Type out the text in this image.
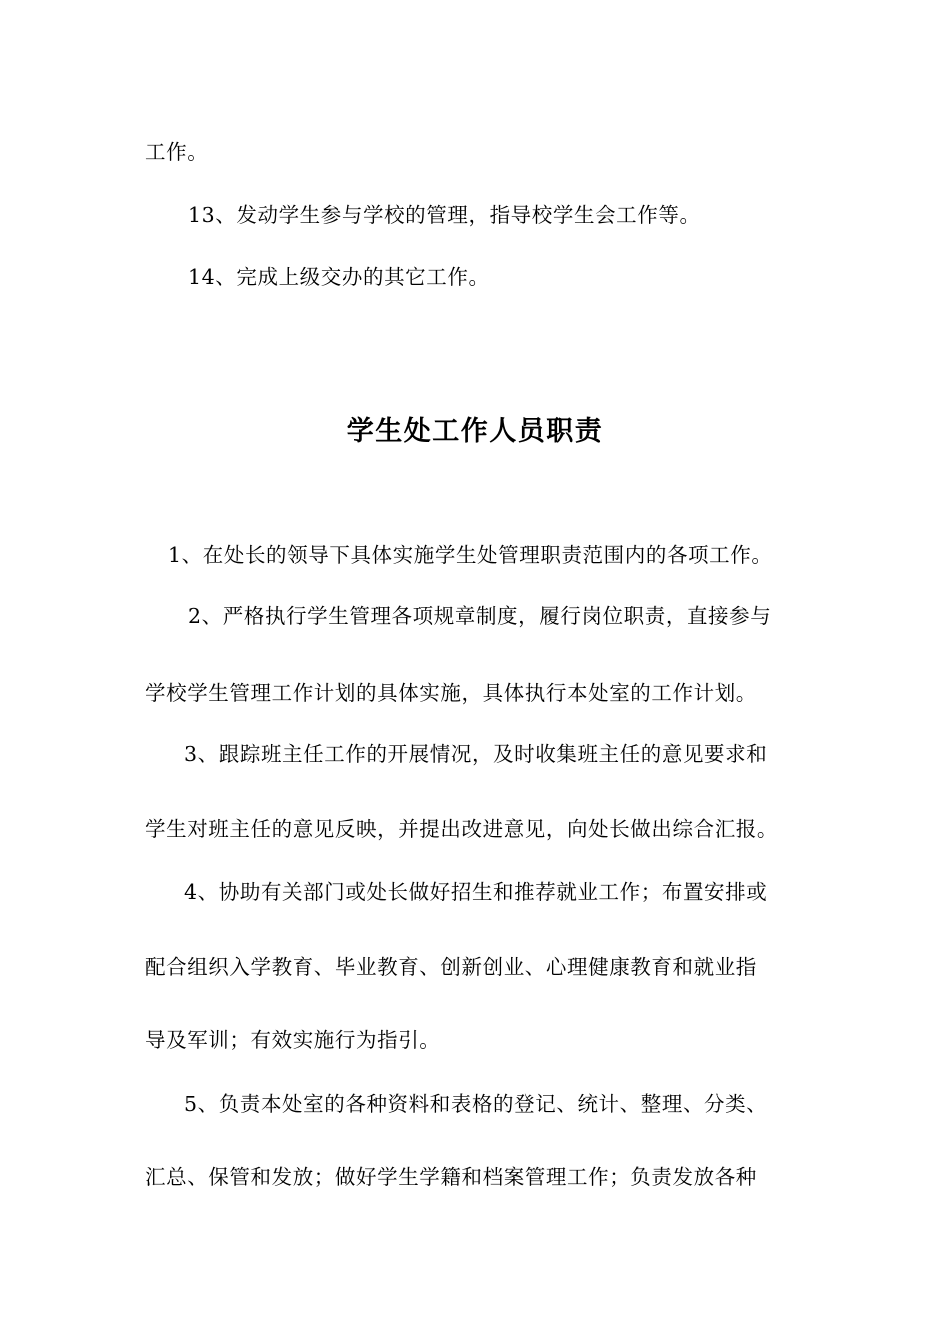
工作。
13、发动学生参与学校的管理，指导校学生会工作等。
14、完成上级交办的其它工作。
学生处工作人员职责
1、在处长的领导下具体实施学生处管理职责范围内的各项工作。
2、严格执行学生管理各项规章制度，履行岗位职责，直接参与
学校学生管理工作计划的具体实施，具体执行本处室的工作计划。
3、跟踪班主任工作的开展情况，及时收集班主任的意见要求和
学生对班主任的意见反映，并提出改进意见，向处长做出综合汇报。
4、协助有关部门或处长做好招生和推荐就业工作；布置安排或
配合组织入学教育、毕业教育、创新创业、心理健康教育和就业指
导及军训；有效实施行为指引。
5、负责本处室的各种资料和表格的登记、统计、整理、分类、
汇总、保管和发放；做好学生学籍和档案管理工作；负责发放各种
